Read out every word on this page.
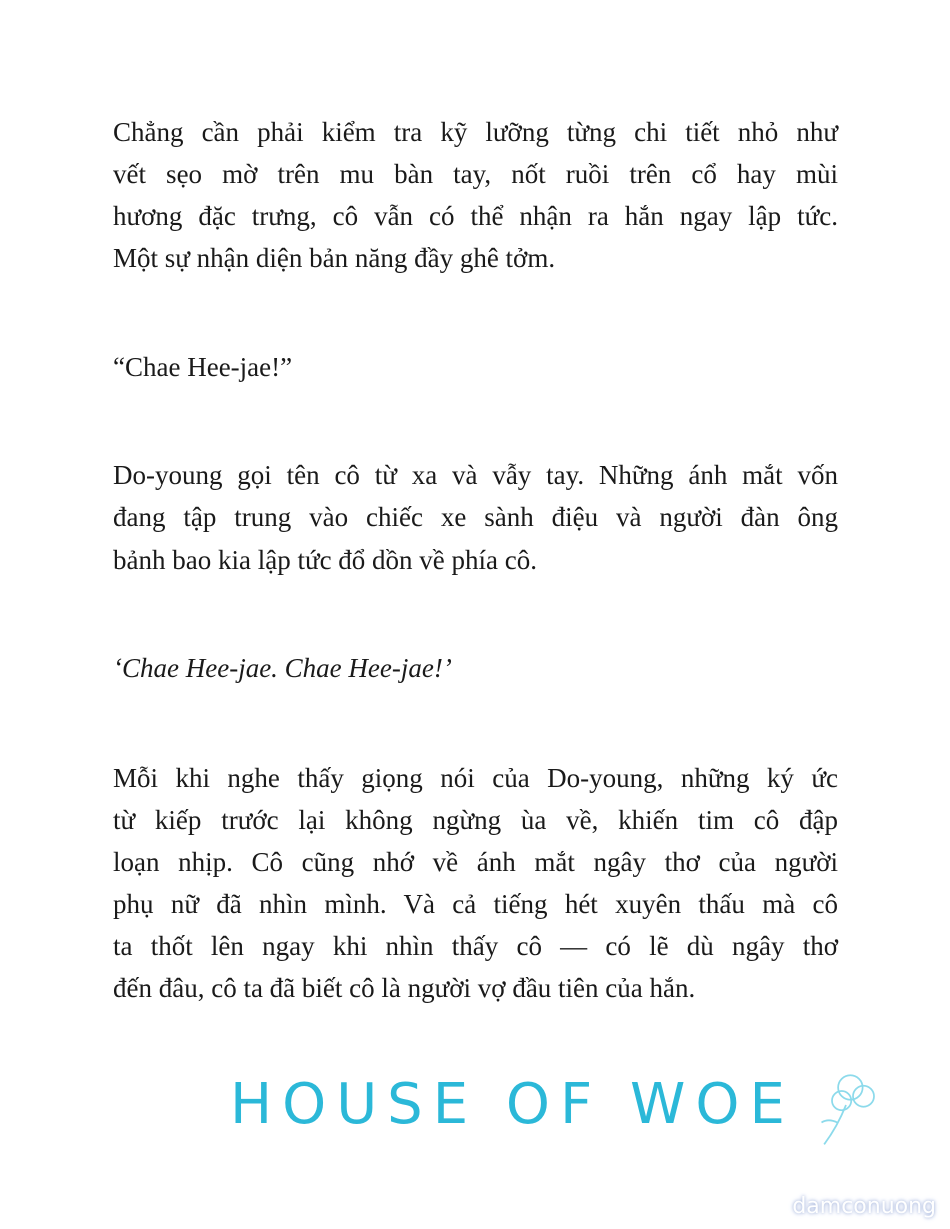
Chẳng cần phải kiểm tra kỹ lưỡng từng chi tiết nhỏ như
vết sẹo mờ trên mu bàn tay, nốt ruồi trên cổ hay mùi
hương đặc trưng, cô vẫn có thể nhận ra hắn ngay lập tức.
Một sự nhận diện bản năng đầy ghê tởm.
“Chae Hee-jae!”
Do-young gọi tên cô từ xa và vẫy tay. Những ánh mắt vốn
đang tập trung vào chiếc xe sành điệu và người đàn ông
bảnh bao kia lập tức đổ dồn về phía cô.
‘Chae Hee-jae. Chae Hee-jae!’
Mỗi khi nghe thấy giọng nói của Do-young, những ký ức
từ kiếp trước lại không ngừng ùa về, khiến tim cô đập
loạn nhịp. Cô cũng nhớ về ánh mắt ngây thơ của người
phụ nữ đã nhìn mình. Và cả tiếng hét xuyên thấu mà cô
ta thốt lên ngay khi nhìn thấy cô — có lẽ dù ngây thơ
đến đâu, cô ta đã biết cô là người vợ đầu tiên của hắn.
HOUSE OF WOE
damconuong
